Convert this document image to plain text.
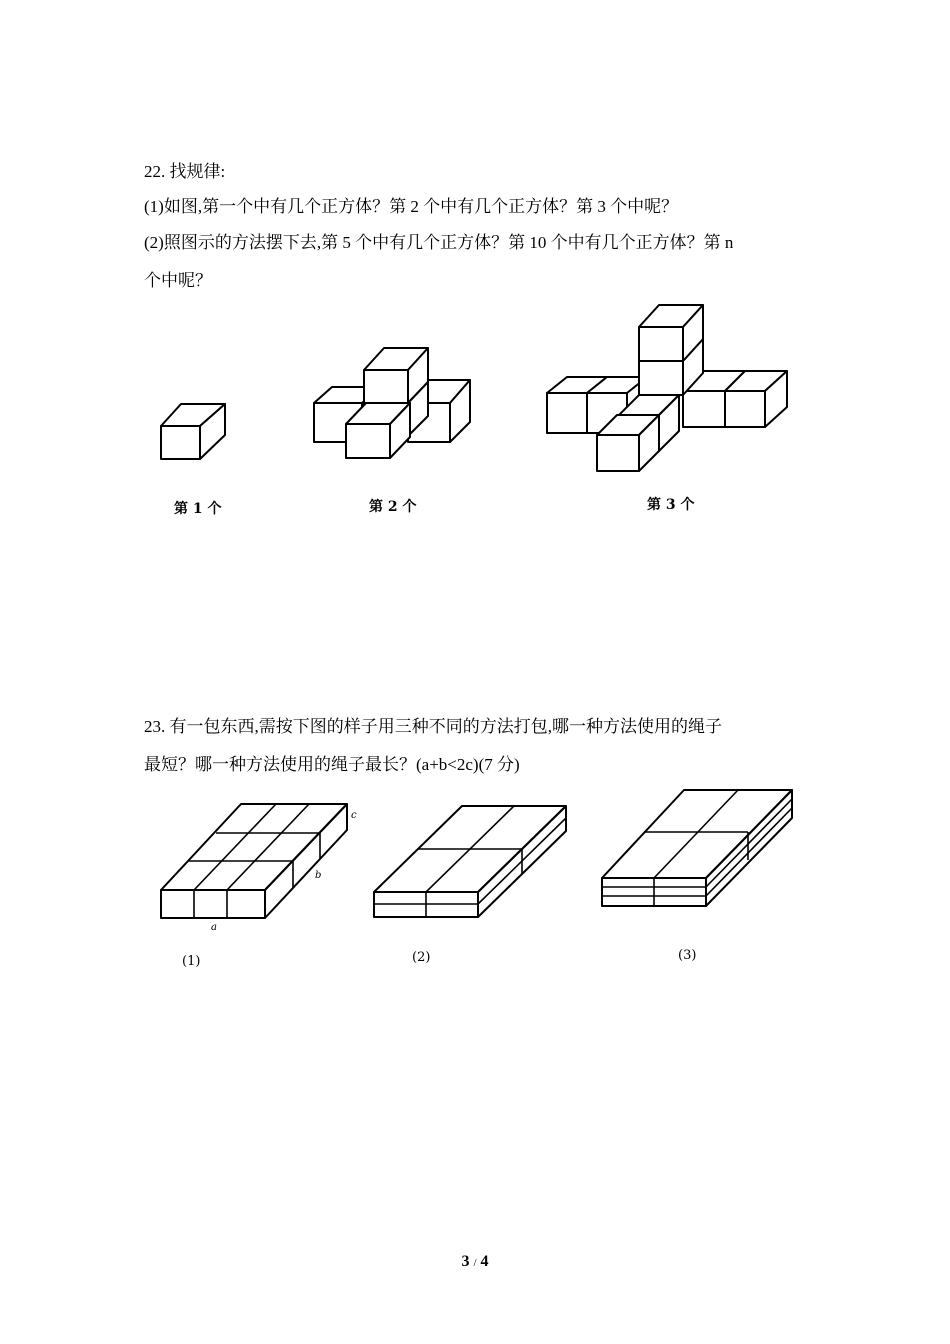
22. 找规律:
(1)如图,第一个中有几个正方体？第 2 个中有几个正方体？第 3 个中呢？
(2)照图示的方法摆下去,第 5 个中有几个正方体？第 10 个中有几个正方体？第 n
个中呢？
第 1 个	第 2 个	第 3 个
23. 有一包东西,需按下图的样子用三种不同的方法打包,哪一种方法使用的绳子
最短？哪一种方法使用的绳子最长？(a+b<2c)(7 分)
c
b
a
(1)	(2)	(3)
3 / 4
